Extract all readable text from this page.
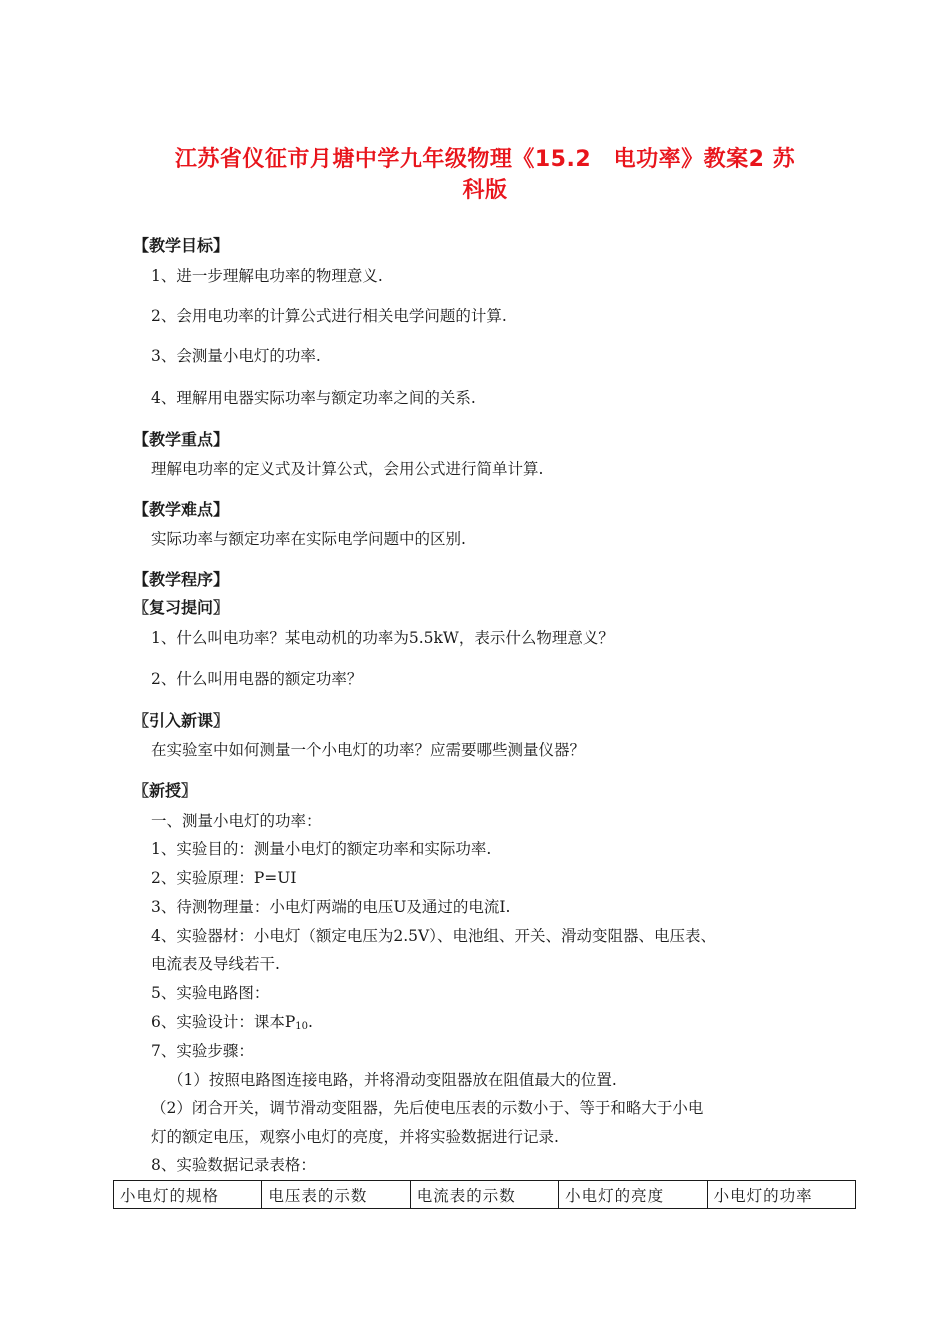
江苏省仪征市月塘中学九年级物理《15.2　电功率》教案2 苏
科版
【教学目标】
1、进一步理解电功率的物理意义.
2、会用电功率的计算公式进行相关电学问题的计算.
3、会测量小电灯的功率.
4、理解用电器实际功率与额定功率之间的关系.
【教学重点】
理解电功率的定义式及计算公式，会用公式进行简单计算.
【教学难点】
实际功率与额定功率在实际电学问题中的区别.
【教学程序】
〖复习提问〗
1、什么叫电功率？某电动机的功率为5.5kW，表示什么物理意义？
2、什么叫用电器的额定功率？
〖引入新课〗
在实验室中如何测量一个小电灯的功率？应需要哪些测量仪器？
〖新授〗
一、测量小电灯的功率：
1、实验目的：测量小电灯的额定功率和实际功率.
2、实验原理：P=UI
3、待测物理量：小电灯两端的电压U及通过的电流I.
4、实验器材：小电灯（额定电压为2.5V）、电池组、开关、滑动变阻器、电压表、
电流表及导线若干.
5、实验电路图：
6、实验设计：课本$P_{10}$.
7、实验步骤：
（1）按照电路图连接电路，并将滑动变阻器放在阻值最大的位置.
（2）闭合开关，调节滑动变阻器，先后使电压表的示数小于、等于和略大于小电
灯的额定电压，观察小电灯的亮度，并将实验数据进行记录.
8、实验数据记录表格：
小电灯的规格	电压表的示数	电流表的示数	小电灯的亮度	小电灯的功率
